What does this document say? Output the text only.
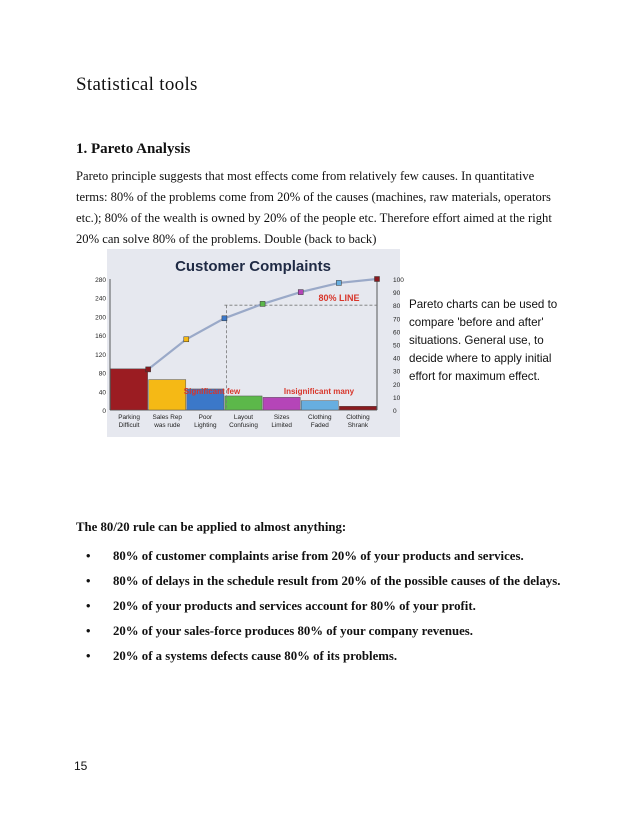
Statistical tools
1. Pareto Analysis
Pareto principle suggests that most effects come from relatively few causes. In quantitative terms: 80% of the problems come from 20% of the causes (machines, raw materials, operators etc.); 80% of the wealth is owned by 20% of the people etc. Therefore effort aimed at the right 20% can solve 80% of the problems. Double (back to back)
Customer Complaints
0
40
80
120
160
200
240
280
0
10
20
30
40
50
60
70
80
90
100
80% LINE
Significant few	Insignificant many
Parking
Difficult
Sales Rep
was rude
Poor
Lighting
Layout
Confusing
Sizes
Limited
Clothing
Faded
Clothing
Shrank
Pareto charts can be used to compare 'before and after' situations. General use, to decide where to apply initial effort for maximum effect.
The 80/20 rule can be applied to almost anything:
• 80% of customer complaints arise from 20% of your products and services.
• 80% of delays in the schedule result from 20% of the possible causes of the delays.
• 20% of your products and services account for 80% of your profit.
• 20% of your sales-force produces 80% of your company revenues.
• 20% of a systems defects cause 80% of its problems.
15
